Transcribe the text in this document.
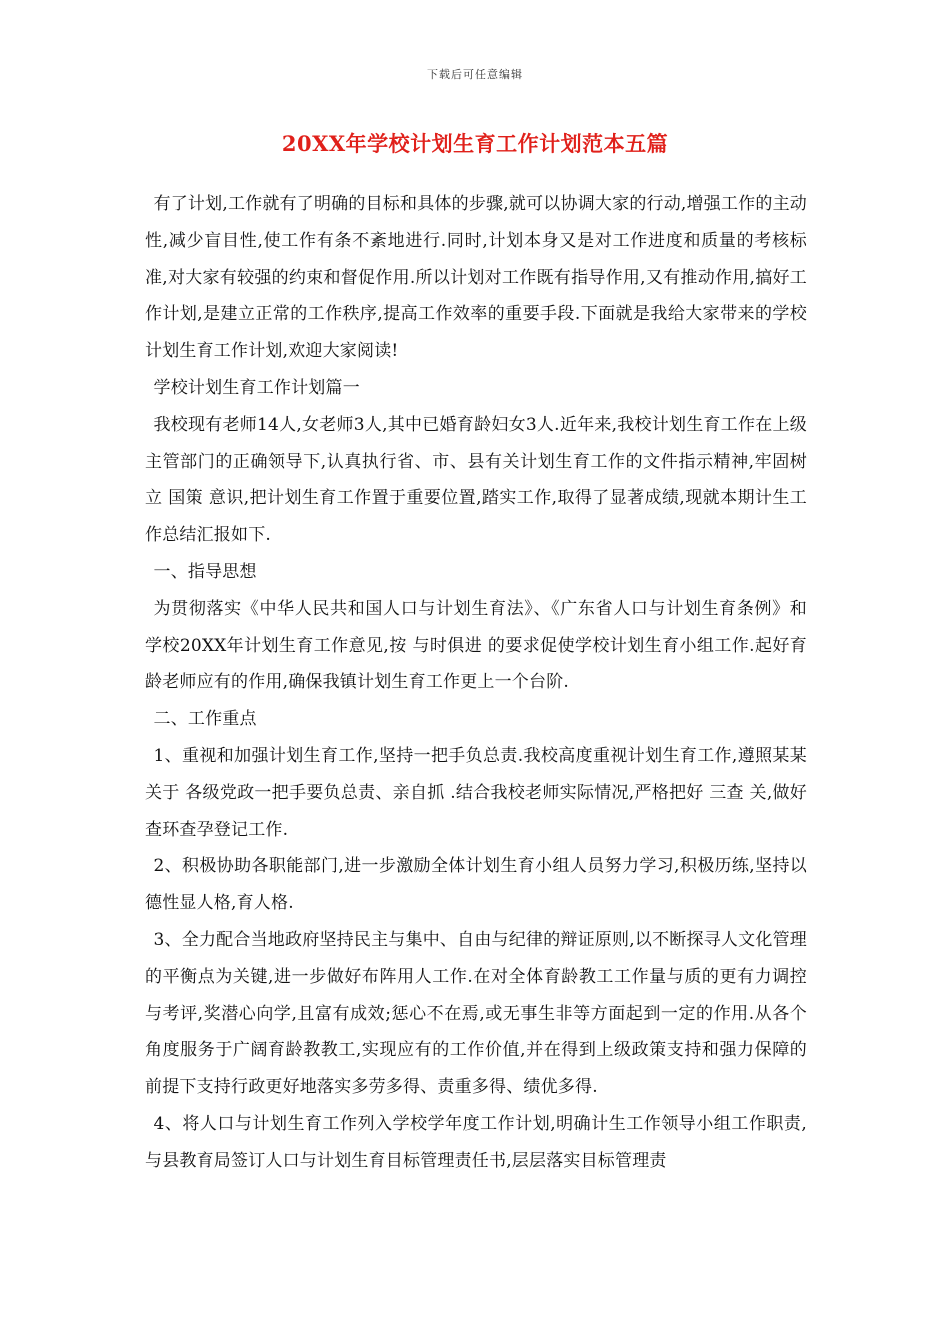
下载后可任意编辑
20XX年学校计划生育工作计划范本五篇

有了计划,工作就有了明确的目标和具体的步骤,就可以协调大家的行动,增强工作的主动性,减少盲目性,使工作有条不紊地进行.同时,计划本身又是对工作进度和质量的考核标准,对大家有较强的约束和督促作用.所以计划对工作既有指导作用,又有推动作用,搞好工作计划,是建立正常的工作秩序,提高工作效率的重要手段.下面就是我给大家带来的学校计划生育工作计划,欢迎大家阅读!

学校计划生育工作计划篇一

我校现有老师14人,女老师3人,其中已婚育龄妇女3人.近年来,我校计划生育工作在上级主管部门的正确领导下,认真执行省、市、县有关计划生育工作的文件指示精神,牢固树立 国策 意识,把计划生育工作置于重要位置,踏实工作,取得了显著成绩,现就本期计生工作总结汇报如下.

一、指导思想

为贯彻落实《中华人民共和国人口与计划生育法》、《广东省人口与计划生育条例》和学校20XX年计划生育工作意见,按 与时俱进 的要求促使学校计划生育小组工作.起好育龄老师应有的作用,确保我镇计划生育工作更上一个台阶.

二、工作重点

1、重视和加强计划生育工作,坚持一把手负总责.我校高度重视计划生育工作,遵照某某关于 各级党政一把手要负总责、亲自抓 .结合我校老师实际情况,严格把好 三查 关,做好查环查孕登记工作.

2、积极协助各职能部门,进一步激励全体计划生育小组人员努力学习,积极历练,坚持以德性显人格,育人格.

3、全力配合当地政府坚持民主与集中、自由与纪律的辩证原则,以不断探寻人文化管理的平衡点为关键,进一步做好布阵用人工作.在对全体育龄教工工作量与质的更有力调控与考评,奖潜心向学,且富有成效;惩心不在焉,或无事生非等方面起到一定的作用.从各个角度服务于广阔育龄教教工,实现应有的工作价值,并在得到上级政策支持和强力保障的前提下支持行政更好地落实多劳多得、责重多得、绩优多得.

4、将人口与计划生育工作列入学校学年度工作计划,明确计生工作领导小组工作职责,与县教育局签订人口与计划生育目标管理责任书,层层落实目标管理责
